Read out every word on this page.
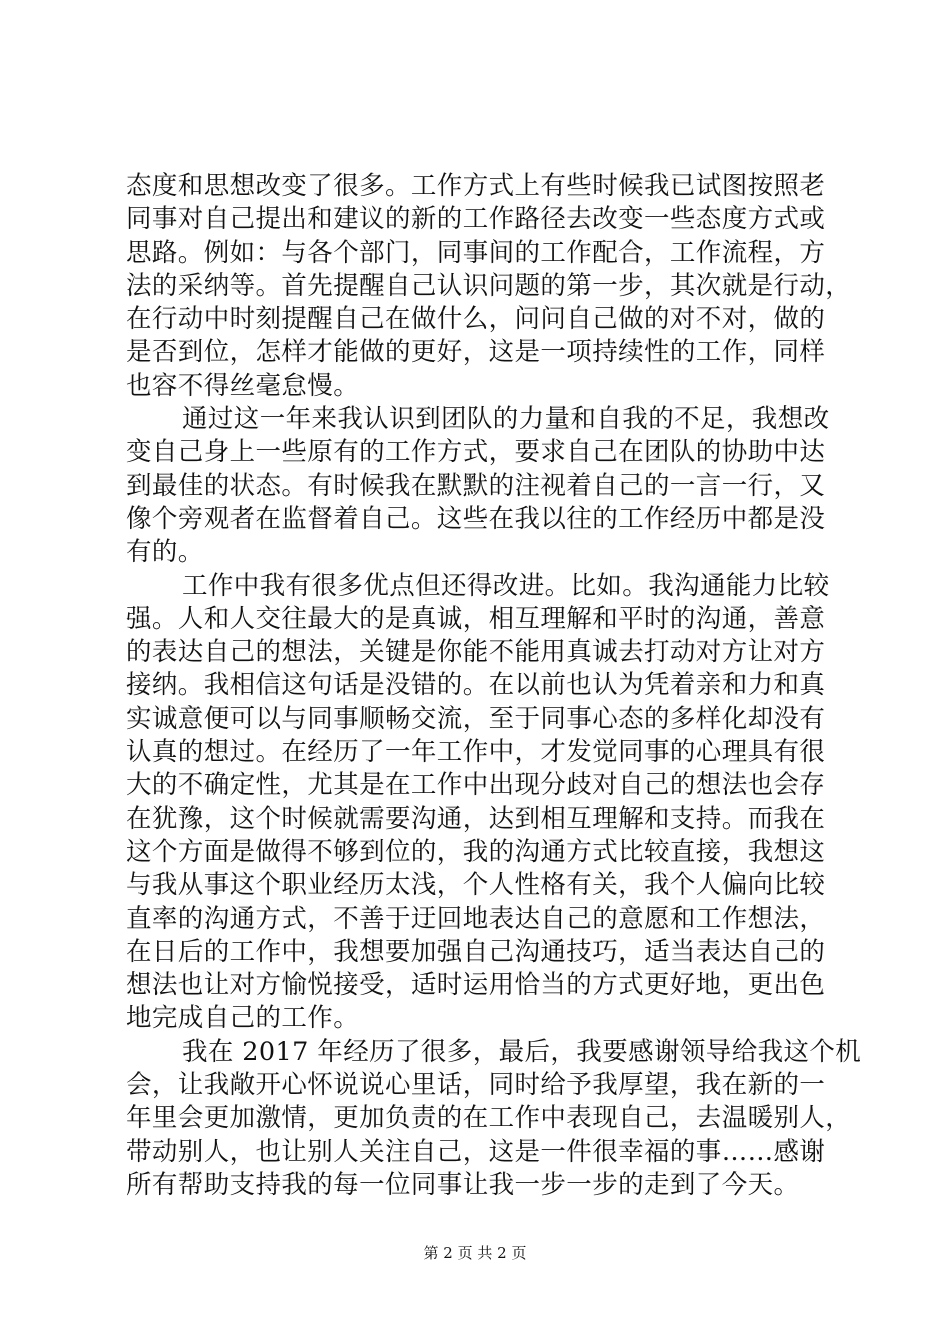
态度和思想改变了很多。工作方式上有些时候我已试图按照老
同事对自己提出和建议的新的工作路径去改变一些态度方式或
思路。例如：与各个部门，同事间的工作配合，工作流程，方
法的采纳等。首先提醒自己认识问题的第一步，其次就是行动，
在行动中时刻提醒自己在做什么，问问自己做的对不对，做的
是否到位，怎样才能做的更好，这是一项持续性的工作，同样
也容不得丝毫怠慢。
通过这一年来我认识到团队的力量和自我的不足，我想改
变自己身上一些原有的工作方式，要求自己在团队的协助中达
到最佳的状态。有时候我在默默的注视着自己的一言一行，又
像个旁观者在监督着自己。这些在我以往的工作经历中都是没
有的。
工作中我有很多优点但还得改进。比如。我沟通能力比较
强。人和人交往最大的是真诚，相互理解和平时的沟通，善意
的表达自己的想法，关键是你能不能用真诚去打动对方让对方
接纳。我相信这句话是没错的。在以前也认为凭着亲和力和真
实诚意便可以与同事顺畅交流，至于同事心态的多样化却没有
认真的想过。在经历了一年工作中，才发觉同事的心理具有很
大的不确定性，尤其是在工作中出现分歧对自己的想法也会存
在犹豫，这个时候就需要沟通，达到相互理解和支持。而我在
这个方面是做得不够到位的，我的沟通方式比较直接，我想这
与我从事这个职业经历太浅，个人性格有关，我个人偏向比较
直率的沟通方式，不善于迂回地表达自己的意愿和工作想法，
在日后的工作中，我想要加强自己沟通技巧，适当表达自己的
想法也让对方愉悦接受，适时运用恰当的方式更好地，更出色
地完成自己的工作。
我在 2017 年经历了很多，最后，我要感谢领导给我这个机
会，让我敞开心怀说说心里话，同时给予我厚望，我在新的一
年里会更加激情，更加负责的在工作中表现自己，去温暖别人，
带动别人，也让别人关注自己，这是一件很幸福的事……感谢
所有帮助支持我的每一位同事让我一步一步的走到了今天。
第 2 页 共 2 页
